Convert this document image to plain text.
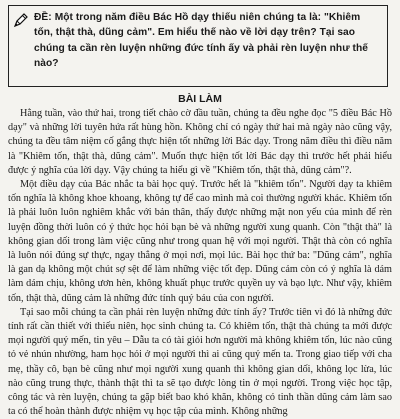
ĐỀ: Một trong năm điều Bác Hồ dạy thiếu niên chúng ta là: "Khiêm tốn, thật thà, dũng cảm". Em hiểu thế nào về lời dạy trên? Tại sao chúng ta cần rèn luyện những đức tính ấy và phải rèn luyện như thế nào?

BÀI LÀM

Hằng tuần, vào thứ hai, trong tiết chào cờ đầu tuần, chúng ta đều nghe đọc "5 điều Bác Hồ dạy" và những lời tuyên hứa rất hùng hồn. Không chỉ có ngày thứ hai mà ngày nào cũng vậy, chúng ta đều tâm niệm cố gắng thực hiện tốt những lời Bác dạy. Trong năm điều thì điều năm là "Khiêm tốn, thật thà, dũng cảm". Muốn thực hiện tốt lời Bác dạy thì trước hết phải hiểu được ý nghĩa của lời dạy. Vậy chúng ta hiểu gì về "Khiêm tốn, thật thà, dũng cảm"?.

Một điều dạy của Bác nhắc ta bài học quý. Trước hết là "khiêm tốn". Người dạy ta khiêm tốn nghĩa là không khoe khoang, không tự để cao mình mà coi thường người khác. Khiêm tốn là phải luôn luôn nghiêm khắc với bản thân, thấy được những mặt non yếu của mình để rèn luyện đồng thời luôn có ý thức học hỏi bạn bè và những người xung quanh. Còn "thật thà" là không gian dối trong làm việc cũng như trong quan hệ với mọi người. Thật thà còn có nghĩa là luôn nói đúng sự thực, ngay thẳng ở mọi nơi, mọi lúc. Bài học thứ ba: "Dũng cảm", nghĩa là gan dạ không một chút sợ sệt để làm những việc tốt đẹp. Dũng cảm còn có ý nghĩa là dám làm dám chịu, không ươn hèn, không khuất phục trước quyền uy và bạo lực. Như vậy, khiêm tốn, thật thà, dũng cảm là những đức tính quý báu của con người.

Tại sao mỗi chúng ta cần phải rèn luyện những đức tính ấy? Trước tiên vì đó là những đức tính rất cần thiết với thiếu niên, học sinh chúng ta. Có khiêm tốn, thật thà chúng ta mới được mọi người quý mến, tin yêu – Dẫu ta có tài giỏi hơn người mà không khiêm tốn, lúc nào cũng tỏ vẻ nhún nhường, ham học hỏi ở mọi người thì ai cũng quý mến ta. Trong giao tiếp với cha mẹ, thầy cô, bạn bè cũng như mọi người xung quanh thì không gian dối, không lọc lừa, lúc nào cũng trung thực, thành thật thì ta sẽ tạo được lòng tin ở mọi người. Trong việc học tập, công tác và rèn luyện, chúng ta gặp biết bao khó khăn, không có tinh thần dũng cảm làm sao ta có thể hoàn thành được nhiệm vụ học tập của mình. Không những
